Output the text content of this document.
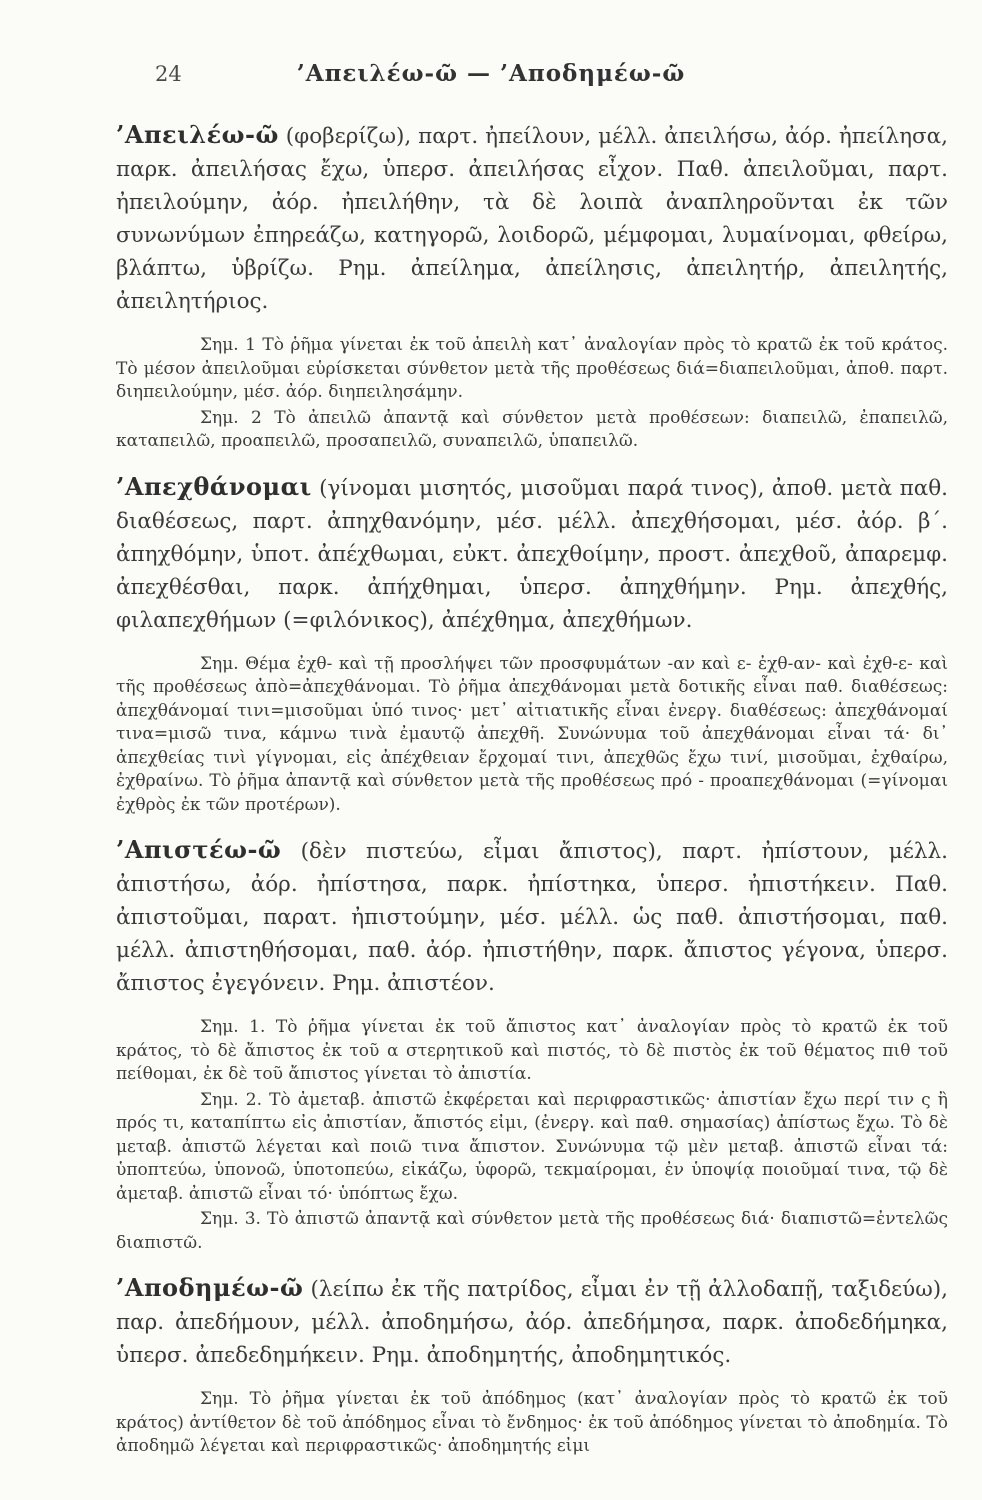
24	’Απειλέω-ῶ — ’Αποδημέω-ῶ

’Απειλέω-ῶ (φοβερίζω), παρτ. ἠπείλουν, μέλλ. ἀπειλήσω, ἀόρ. ἠπείλησα, παρκ. ἀπειλήσας ἔχω, ὑπερσ. ἀπειλήσας εἶχον. Παθ. ἀπειλοῦμαι, παρτ. ἠπειλούμην, ἀόρ. ἠπειλήθην, τὰ δὲ λοιπὰ ἀναπληροῦνται ἐκ τῶν συνωνύμων ἐπηρεάζω, κατηγορῶ, λοιδορῶ, μέμφομαι, λυμαίνομαι, φθείρω, βλάπτω, ὑβρίζω. Ρημ. ἀπείλημα, ἀπείλησις, ἀπειλητήρ, ἀπειλητής, ἀπειλητήριος.

Σημ. 1 Τὸ ῥῆμα γίνεται ἐκ τοῦ ἀπειλὴ κατ᾽ ἀναλογίαν πρὸς τὸ κρατῶ ἐκ τοῦ κράτος. Τὸ μέσον ἀπειλοῦμαι εὑρίσκεται σύνθετον μετὰ τῆς προθέσεως διά=διαπειλοῦμαι, ἀποθ. παρτ. διηπειλούμην, μέσ. ἀόρ. διηπειλησάμην.

Σημ. 2 Τὸ ἀπειλῶ ἀπαντᾷ καὶ σύνθετον μετὰ προθέσεων: διαπειλῶ, ἐπαπειλῶ, καταπειλῶ, προαπειλῶ, προσαπειλῶ, συναπειλῶ, ὑπαπειλῶ.

’Απεχθάνομαι (γίνομαι μισητός, μισοῦμαι παρά τινος), ἀποθ. μετὰ παθ. διαθέσεως, παρτ. ἀπηχθανόμην, μέσ. μέλλ. ἀπεχθήσομαι, μέσ. ἀόρ. β΄. ἀπηχθόμην, ὑποτ. ἀπέχθωμαι, εὐκτ. ἀπεχθοίμην, προστ. ἀπεχθοῦ, ἀπαρεμφ. ἀπεχθέσθαι, παρκ. ἀπήχθημαι, ὑπερσ. ἀπηχθήμην. Ρημ. ἀπεχθής, φιλαπεχθήμων (=φιλόνικος), ἀπέχθημα, ἀπεχθήμων.

Σημ. Θέμα ἐχθ- καὶ τῇ προσλήψει τῶν προσφυμάτων -αν καὶ ε- ἐχθ-αν- καὶ ἐχθ-ε- καὶ τῆς προθέσεως ἀπὸ=ἀπεχθάνομαι. Τὸ ῥῆμα ἀπεχθάνομαι μετὰ δοτικῆς εἶναι παθ. διαθέσεως: ἀπεχθάνομαί τινι=μισοῦμαι ὑπό τινος· μετ᾽ αἰτιατικῆς εἶναι ἐνεργ. διαθέσεως: ἀπεχθάνομαί τινα=μισῶ τινα, κάμνω τινὰ ἐμαυτῷ ἀπεχθῆ. Συνώνυμα τοῦ ἀπεχθάνομαι εἶναι τά· δι᾽ ἀπεχθείας τινὶ γίγνομαι, εἰς ἀπέχθειαν ἔρχομαί τινι, ἀπεχθῶς ἔχω τινί, μισοῦμαι, ἐχθαίρω, ἐχθραίνω. Τὸ ῥῆμα ἀπαντᾷ καὶ σύνθετον μετὰ τῆς προθέσεως πρό - προαπεχθάνομαι (=γίνομαι ἐχθρὸς ἐκ τῶν προτέρων).

’Απιστέω-ῶ (δὲν πιστεύω, εἶμαι ἄπιστος), παρτ. ἠπίστουν, μέλλ. ἀπιστήσω, ἀόρ. ἠπίστησα, παρκ. ἠπίστηκα, ὑπερσ. ἠπιστήκειν. Παθ. ἀπιστοῦμαι, παρατ. ἠπιστούμην, μέσ. μέλλ. ὡς παθ. ἀπιστήσομαι, παθ. μέλλ. ἀπιστηθήσομαι, παθ. ἀόρ. ἠπιστήθην, παρκ. ἄπιστος γέγονα, ὑπερσ. ἄπιστος ἐγεγόνειν. Ρημ. ἀπιστέον.

Σημ. 1. Τὸ ῥῆμα γίνεται ἐκ τοῦ ἄπιστος κατ᾽ ἀναλογίαν πρὸς τὸ κρατῶ ἐκ τοῦ κράτος, τὸ δὲ ἄπιστος ἐκ τοῦ α στερητικοῦ καὶ πιστός, τὸ δὲ πιστὸς ἐκ τοῦ θέματος πιθ τοῦ πείθομαι, ἐκ δὲ τοῦ ἄπιστος γίνεται τὸ ἀπιστία.

Σημ. 2. Τὸ ἀμεταβ. ἀπιστῶ ἐκφέρεται καὶ περιφραστικῶς· ἀπιστίαν ἔχω περί τιν ς ἢ πρός τι, καταπίπτω εἰς ἀπιστίαν, ἄπιστός εἰμι, (ἐνεργ. καὶ παθ. σημασίας) ἀπίστως ἔχω. Τὸ δὲ μεταβ. ἀπιστῶ λέγεται καὶ ποιῶ τινα ἄπιστον. Συνώνυμα τῷ μὲν μεταβ. ἀπιστῶ εἶναι τά: ὑποπτεύω, ὑπονοῶ, ὑποτοπεύω, εἰκάζω, ὑφορῶ, τεκμαίρομαι, ἐν ὑποψίᾳ ποιοῦμαί τινα, τῷ δὲ ἀμεταβ. ἀπιστῶ εἶναι τό· ὑπόπτως ἔχω.

Σημ. 3. Τὸ ἀπιστῶ ἀπαντᾷ καὶ σύνθετον μετὰ τῆς προθέσεως διά· διαπιστῶ=ἐντελῶς διαπιστῶ.

’Αποδημέω-ῶ (λείπω ἐκ τῆς πατρίδος, εἶμαι ἐν τῇ ἀλλοδαπῇ, ταξιδεύω), παρ. ἀπεδήμουν, μέλλ. ἀποδημήσω, ἀόρ. ἀπεδήμησα, παρκ. ἀποδεδήμηκα, ὑπερσ. ἀπεδεδημήκειν. Ρημ. ἀποδημητής, ἀποδημητικός.

Σημ. Τὸ ῥῆμα γίνεται ἐκ τοῦ ἀπόδημος (κατ᾽ ἀναλογίαν πρὸς τὸ κρατῶ ἐκ τοῦ κράτος) ἀντίθετον δὲ τοῦ ἀπόδημος εἶναι τὸ ἔνδημος· ἐκ τοῦ ἀπόδημος γίνεται τὸ ἀποδημία. Τὸ ἀποδημῶ λέγεται καὶ περιφραστικῶς· ἀποδημητής εἰμι
